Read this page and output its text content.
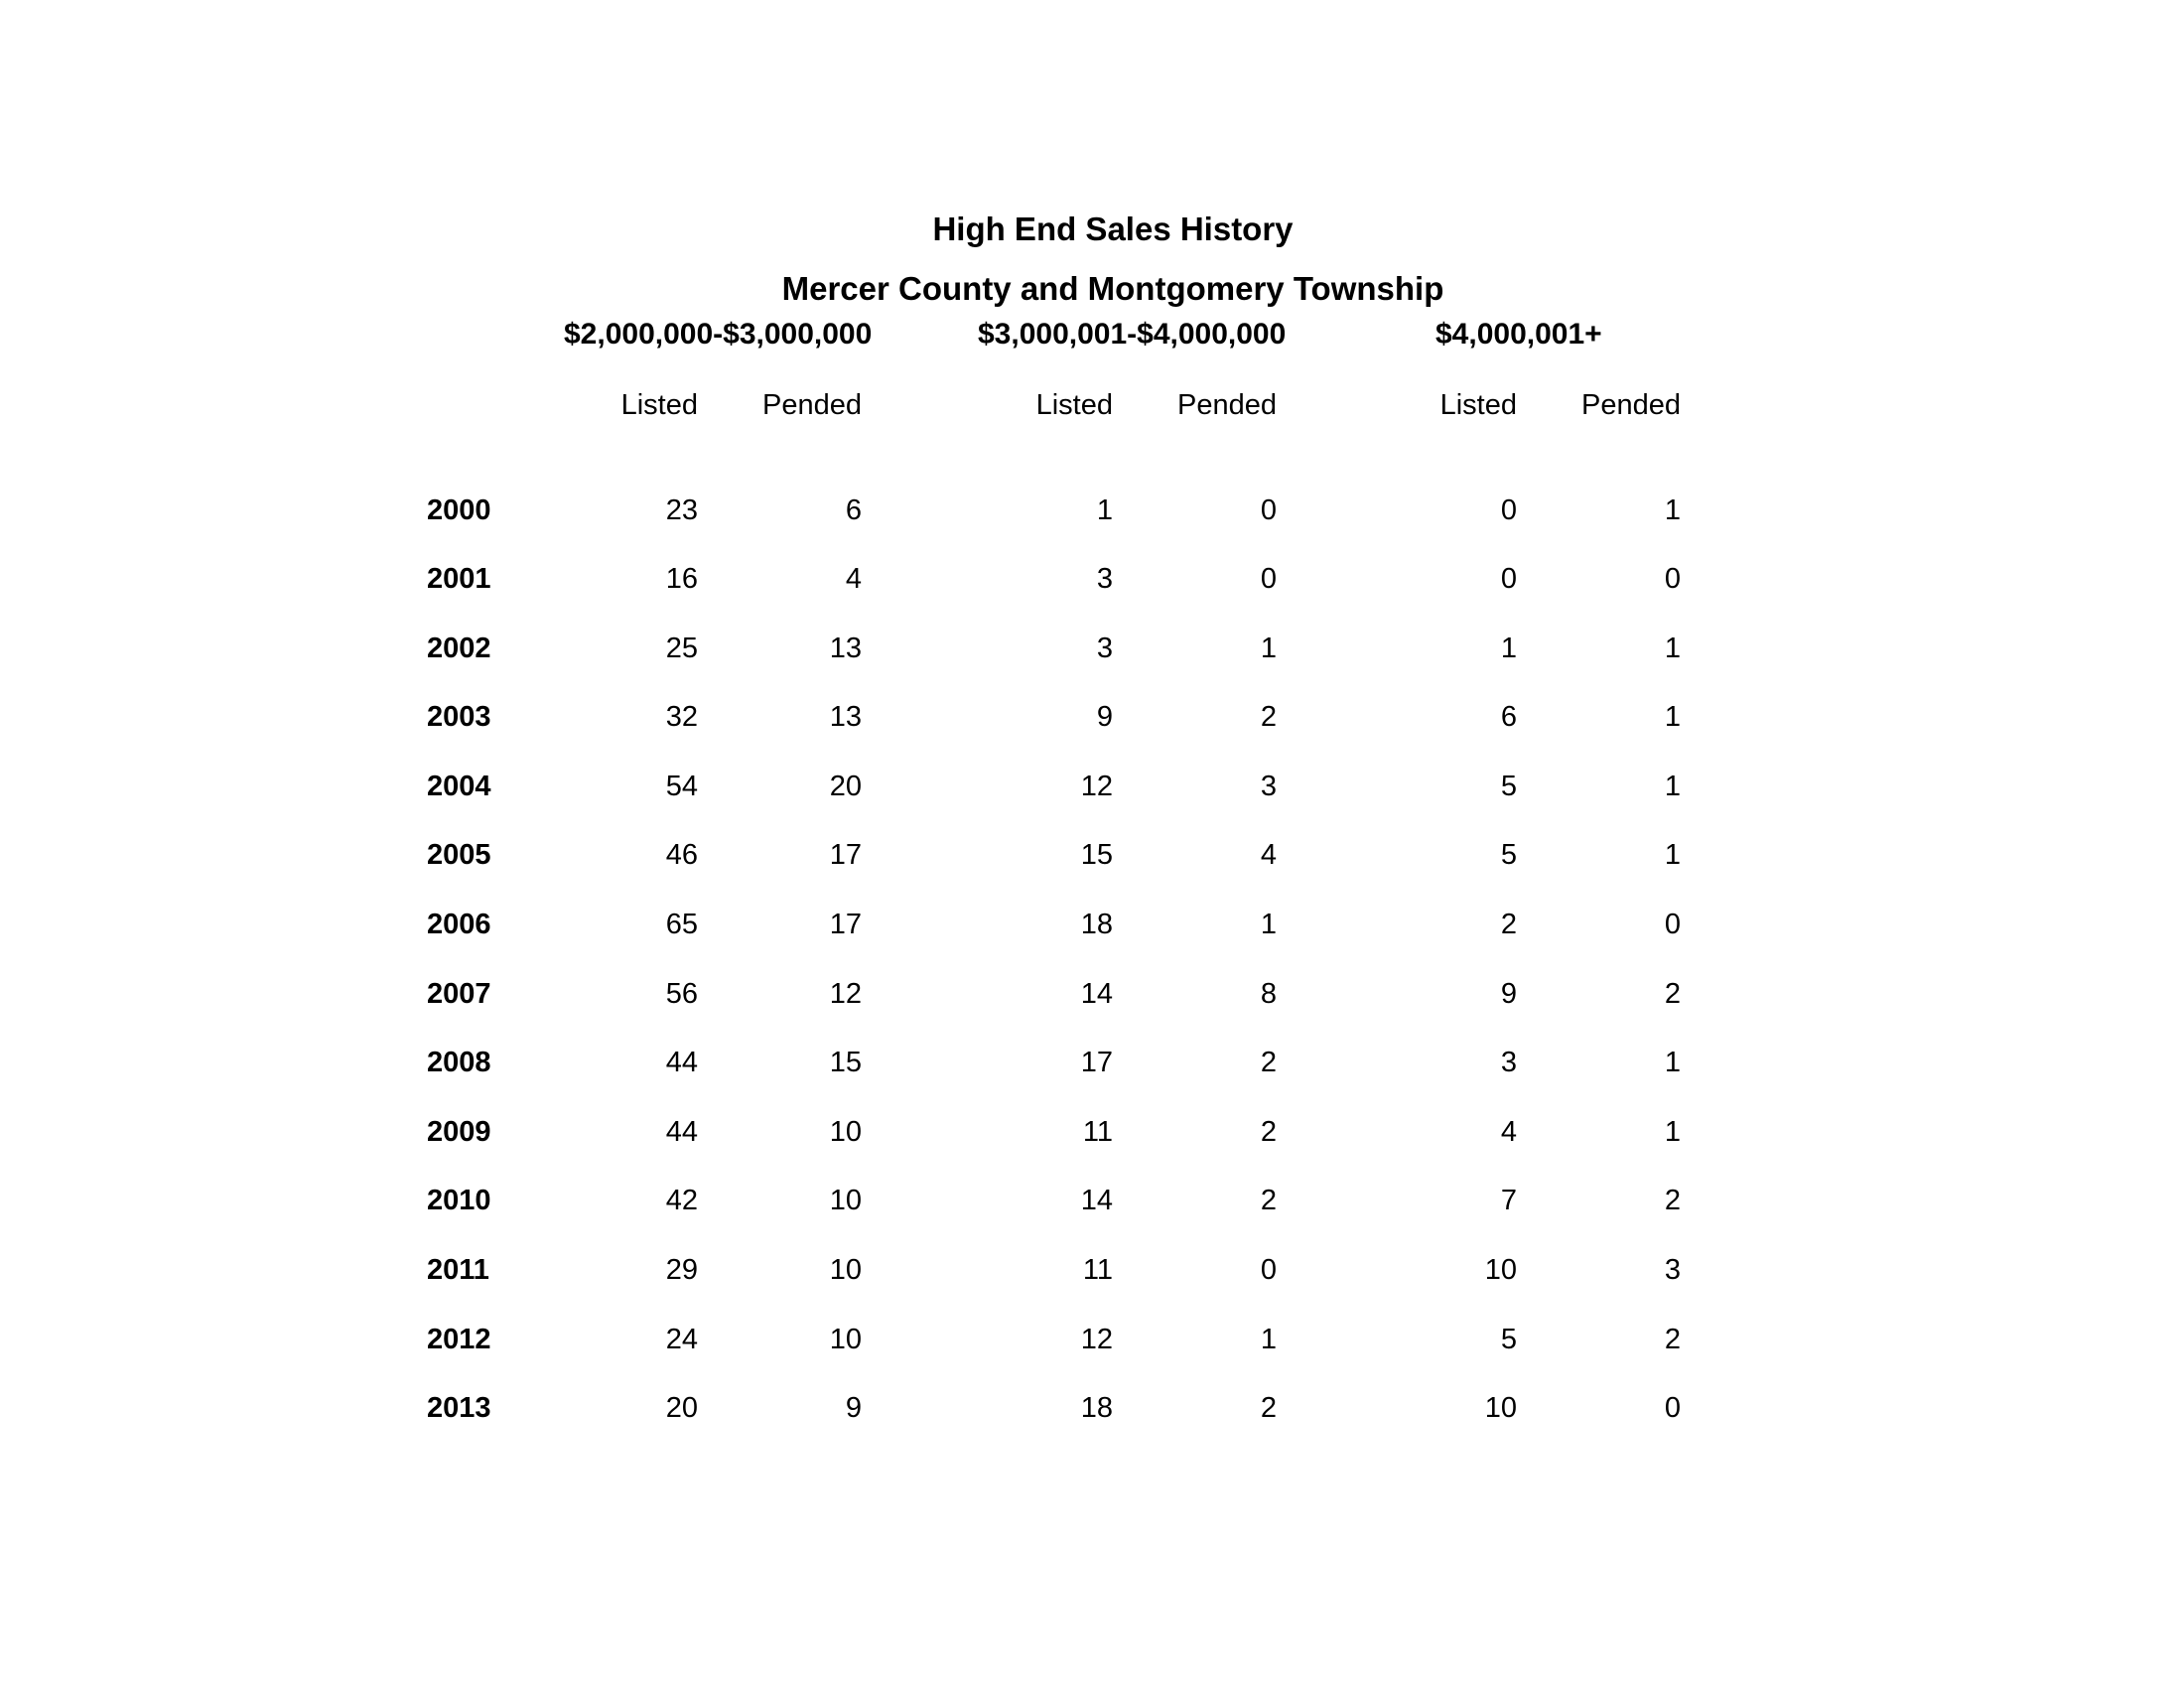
High End Sales History
Mercer County and Montgomery Township
$2,000,000-$3,000,000	$3,000,001-$4,000,000	$4,000,001+
Listed	Pended	Listed	Pended	Listed	Pended
2000	23	6	1	0	0	1
2001	16	4	3	0	0	0
2002	25	13	3	1	1	1
2003	32	13	9	2	6	1
2004	54	20	12	3	5	1
2005	46	17	15	4	5	1
2006	65	17	18	1	2	0
2007	56	12	14	8	9	2
2008	44	15	17	2	3	1
2009	44	10	11	2	4	1
2010	42	10	14	2	7	2
2011	29	10	11	0	10	3
2012	24	10	12	1	5	2
2013	20	9	18	2	10	0
